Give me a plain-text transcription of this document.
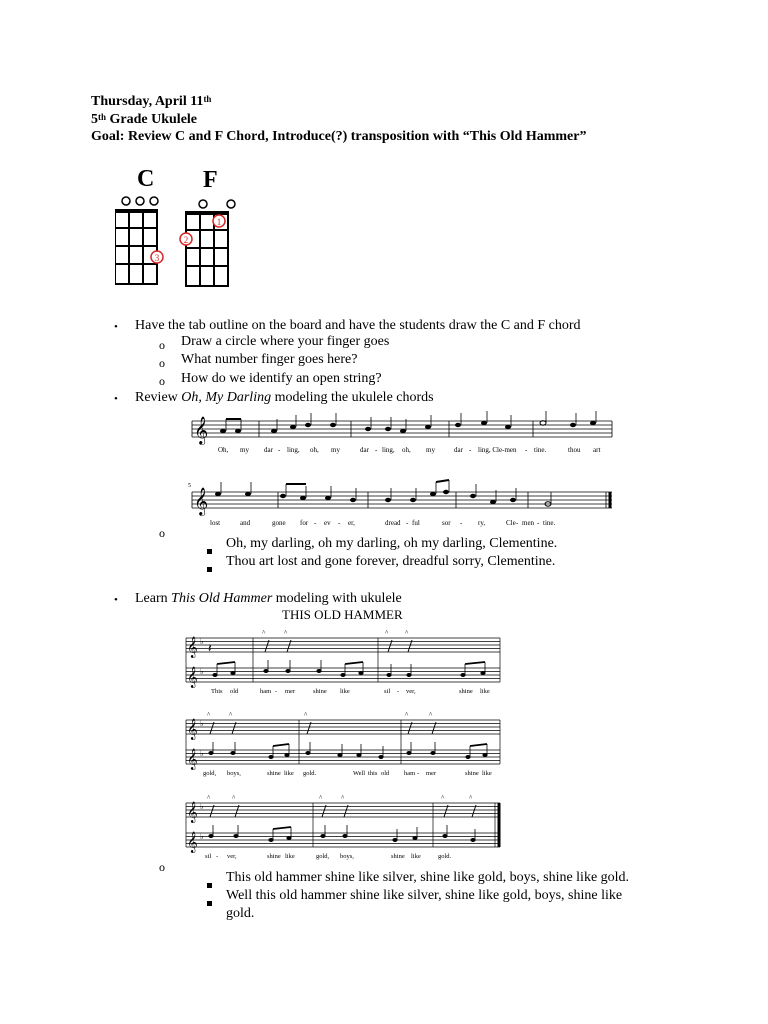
Thursday, April 11th
5th Grade Ukulele
Goal: Review C and F Chord, Introduce(?) transposition with “This Old Hammer”
C
3
F
1
2
• Have the tab outline on the board and have the students draw the C and F chord
o Draw a circle where your finger goes
o What number finger goes here?
o How do we identify an open string?
• Review Oh, My Darling modeling the ukulele chords
𝄞
Oh, my dar - ling, oh, my	dar - ling, oh, my	dar - ling, Cle-men - tine.	thou art
5
𝄞
lost	and	gone for - ev - er,	dread - ful	sor - ry,	Cle - men - tine.
o
Oh, my darling, oh my darling, oh my darling, Clementine.
Thou art lost and gone forever, dreadful sorry, Clementine.
• Learn This Old Hammer modeling with ukulele
THIS OLD HAMMER
𝄞
𝄞
♭
♭
𝄽
^	^	^ ^
This old	ham - mer	shine like	sil - ver,	shine like
𝄞
𝄞
♭
♭
^	^	^	^	^
gold, boys,	shine like gold.	Well this old ham - mer	shine like
𝄞
𝄞
♭
♭
^	^	^	^	^	^
sil - ver,	shine like	gold, boys,	shine like	gold.
o
This old hammer shine like silver, shine like gold, boys, shine like gold.
Well this old hammer shine like silver, shine like gold, boys, shine like
gold.
